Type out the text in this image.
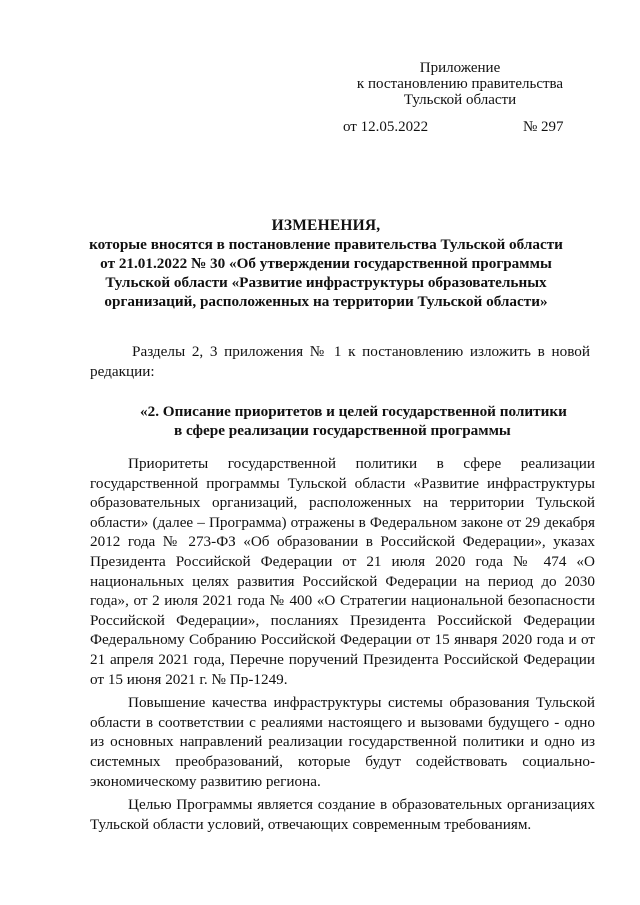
Приложение
к постановлению правительства
Тульской области
от 12.05.2022	№ 297
ИЗМЕНЕНИЯ,
которые вносятся в постановление правительства Тульской области
от 21.01.2022 № 30 «Об утверждении государственной программы
Тульской области «Развитие инфраструктуры образовательных
организаций, расположенных на территории Тульской области»
Разделы 2, 3 приложения № 1 к постановлению изложить в новой редакции:
«2. Описание приоритетов и целей государственной политики
в сфере реализации государственной программы

Приоритеты государственной политики в сфере реализации государственной программы Тульской области «Развитие инфраструктуры образовательных организаций, расположенных на территории Тульской области» (далее – Программа) отражены в Федеральном законе от 29 декабря 2012 года № 273-ФЗ «Об образовании в Российской Федерации», указах Президента Российской Федерации от 21 июля 2020 года № 474 «О национальных целях развития Российской Федерации на период до 2030 года», от 2 июля 2021 года № 400 «О Стратегии национальной безопасности Российской Федерации», посланиях Президента Российской Федерации Федеральному Собранию Российской Федерации от 15 января 2020 года и от 21 апреля 2021 года, Перечне поручений Президента Российской Федерации от 15 июня 2021 г. № Пр-1249.

Повышение качества инфраструктуры системы образования Тульской области в соответствии с реалиями настоящего и вызовами будущего - одно из основных направлений реализации государственной политики и одно из системных преобразований, которые будут содействовать социально-экономическому развитию региона.

Целью Программы является создание в образовательных организациях Тульской области условий, отвечающих современным требованиям.
